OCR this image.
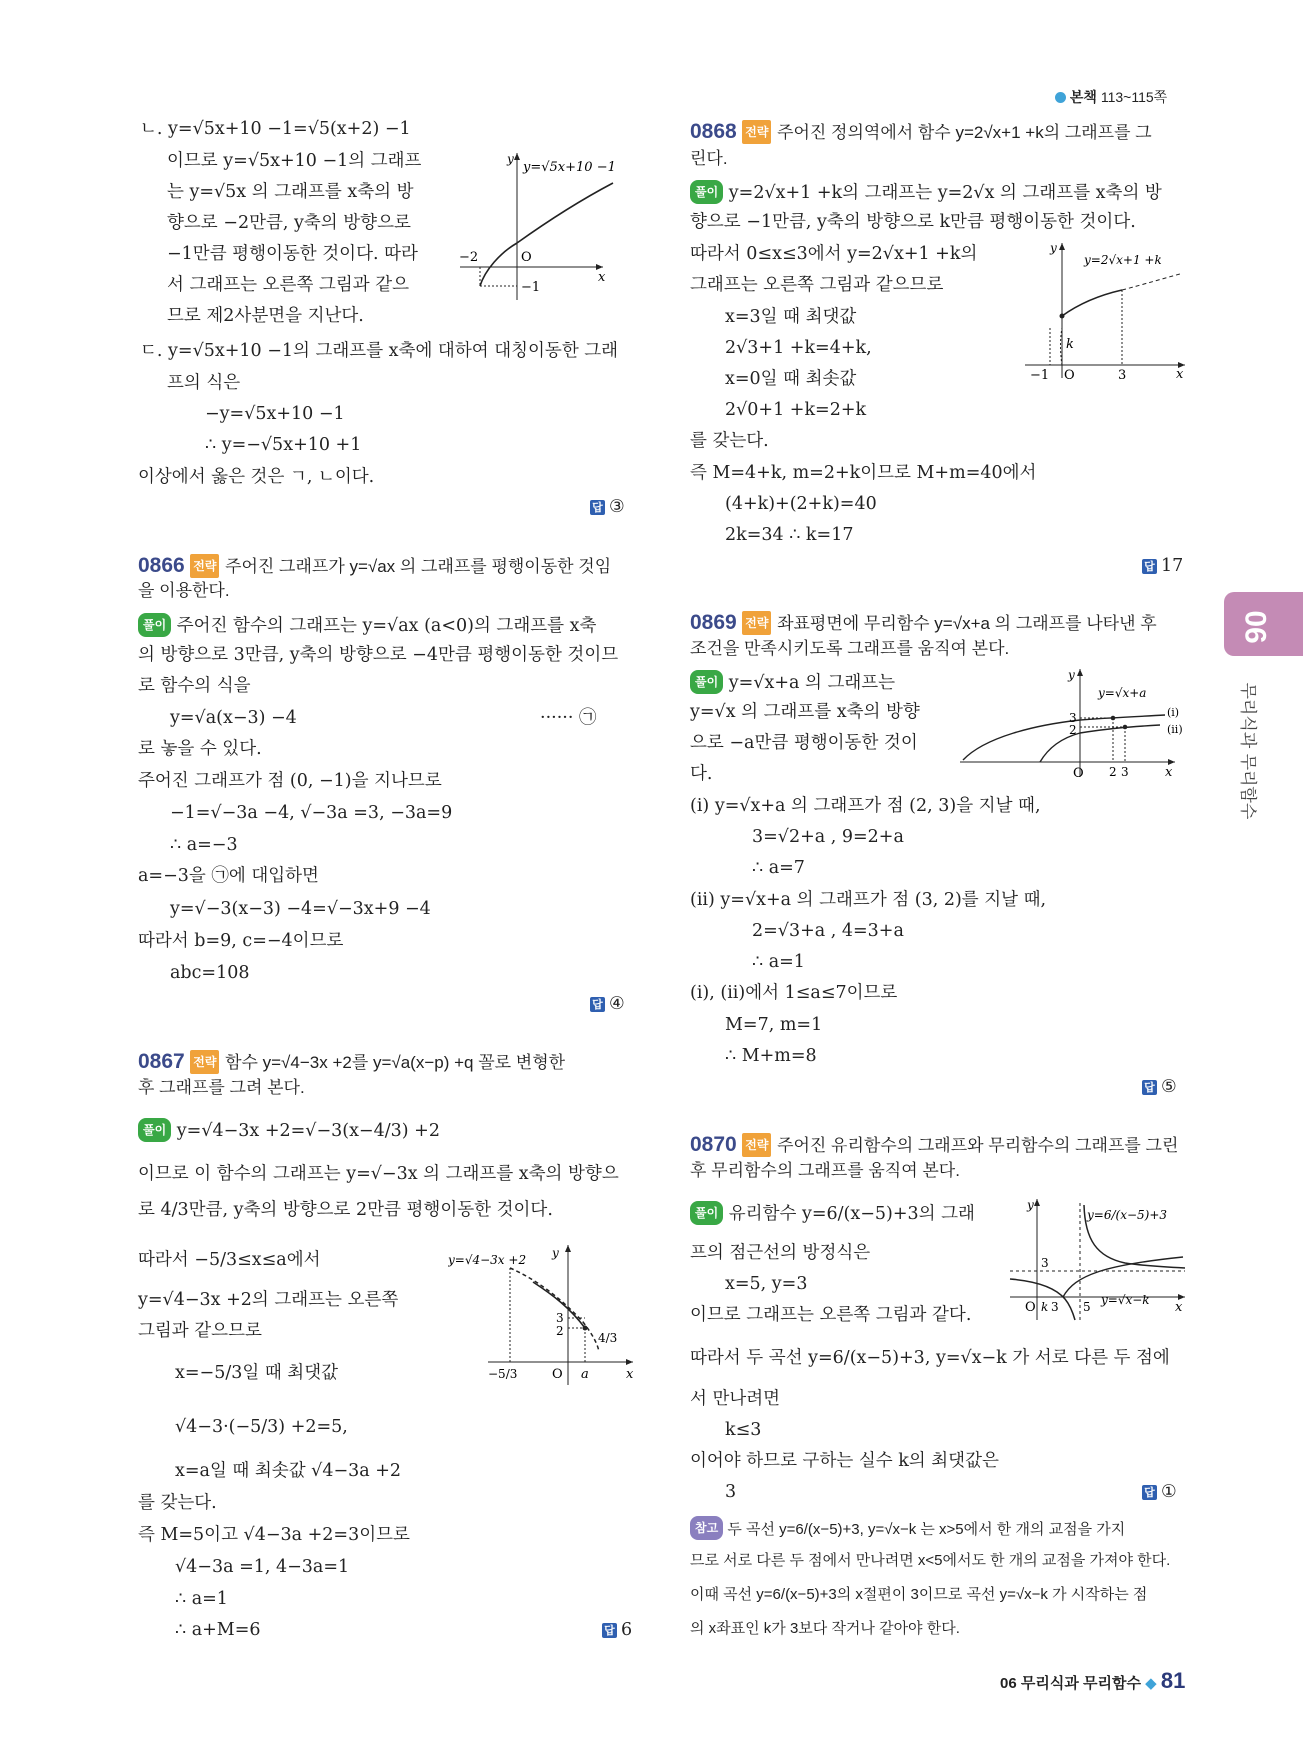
본책 113~115쪽
06
무리식과 무리함수
ㄴ. y=√5x+10 −1=√5(x+2) −1
이므로 y=√5x+10 −1의 그래프
는 y=√5x 의 그래프를 x축의 방
향으로 −2만큼, y축의 방향으로
−1만큼 평행이동한 것이다. 따라
서 그래프는 오른쪽 그림과 같으
므로 제2사분면을 지난다.
ㄷ. y=√5x+10 −1의 그래프를 x축에 대하여 대칭이동한 그래
프의 식은
−y=√5x+10 −1
∴ y=−√5x+10 +1
이상에서 옳은 것은 ㄱ, ㄴ이다.
답 ③
y
y=√5x+10 −1
x
O
−2
−1
0866 전략 주어진 그래프가 y=√ax 의 그래프를 평행이동한 것임
을 이용한다.
풀이 주어진 함수의 그래프는 y=√ax (a<0)의 그래프를 x축
의 방향으로 3만큼, y축의 방향으로 −4만큼 평행이동한 것이므
로 함수의 식을
y=√a(x−3) −4	······ ㉠
로 놓을 수 있다.
주어진 그래프가 점 (0, −1)을 지나므로
−1=√−3a −4, √−3a =3, −3a=9
∴ a=−3
a=−3을 ㉠에 대입하면
y=√−3(x−3) −4=√−3x+9 −4
따라서 b=9, c=−4이므로
abc=108
답 ④
0867 전략 함수 y=√4−3x +2를 y=√a(x−p) +q 꼴로 변형한
후 그래프를 그려 본다.
풀이 y=√4−3x +2=√−3(x−4/3) +2
이므로 이 함수의 그래프는 y=√−3x 의 그래프를 x축의 방향으
로 4/3만큼, y축의 방향으로 2만큼 평행이동한 것이다.
따라서 −5/3≤x≤a에서
y=√4−3x +2의 그래프는 오른쪽
그림과 같으므로
x=−5/3일 때 최댓값
√4−3·(−5/3) +2=5,
x=a일 때 최솟값 √4−3a +2
를 갖는다.
즉 M=5이고 √4−3a +2=3이므로
√4−3a =1, 4−3a=1
∴ a=1
∴ a+M=6	답 6
y=√4−3x +2 y
x
O a
3
2
−5/3
4/3
0868 전략 주어진 정의역에서 함수 y=2√x+1 +k의 그래프를 그
린다.
풀이 y=2√x+1 +k의 그래프는 y=2√x 의 그래프를 x축의 방
향으로 −1만큼, y축의 방향으로 k만큼 평행이동한 것이다.
따라서 0≤x≤3에서 y=2√x+1 +k의
그래프는 오른쪽 그림과 같으므로
x=3일 때 최댓값
2√3+1 +k=4+k,
x=0일 때 최솟값
2√0+1 +k=2+k
를 갖는다.
즉 M=4+k, m=2+k이므로 M+m=40에서
(4+k)+(2+k)=40
2k=34 ∴ k=17
답 17
y
y=2√x+1 +k
x
O
−1	3
k
0869 전략 좌표평면에 무리함수 y=√x+a 의 그래프를 나타낸 후
조건을 만족시키도록 그래프를 움직여 본다.
풀이 y=√x+a 의 그래프는
y=√x 의 그래프를 x축의 방향
으로 −a만큼 평행이동한 것이
다.
(i) y=√x+a 의 그래프가 점 (2, 3)을 지날 때,
3=√2+a , 9=2+a
∴ a=7
(ii) y=√x+a 의 그래프가 점 (3, 2)를 지날 때,
2=√3+a , 4=3+a
∴ a=1
(i), (ii)에서 1≤a≤7이므로
M=7, m=1
∴ M+m=8
답 ⑤
y
y=√x+a
(i)
(ii)
x
O
3
2
2 3
0870 전략 주어진 유리함수의 그래프와 무리함수의 그래프를 그린
후 무리함수의 그래프를 움직여 본다.
풀이 유리함수 y=6/(x−5)+3의 그래
프의 점근선의 방정식은
x=5, y=3
이므로 그래프는 오른쪽 그림과 같다.
따라서 두 곡선 y=6/(x−5)+3, y=√x−k 가 서로 다른 두 점에
서 만나려면
k≤3
이어야 하므로 구하는 실수 k의 최댓값은
3	답 ①
참고 두 곡선 y=6/(x−5)+3, y=√x−k 는 x>5에서 한 개의 교점을 가지
므로 서로 다른 두 점에서 만나려면 x<5에서도 한 개의 교점을 가져야 한다.
이때 곡선 y=6/(x−5)+3의 x절편이 3이므로 곡선 y=√x−k 가 시작하는 점
의 x좌표인 k가 3보다 작거나 같아야 한다.
y
y=6/(x−5)+3
y=√x−k x
O k 3 5
3
06 무리식과 무리함수 ◆ 81
